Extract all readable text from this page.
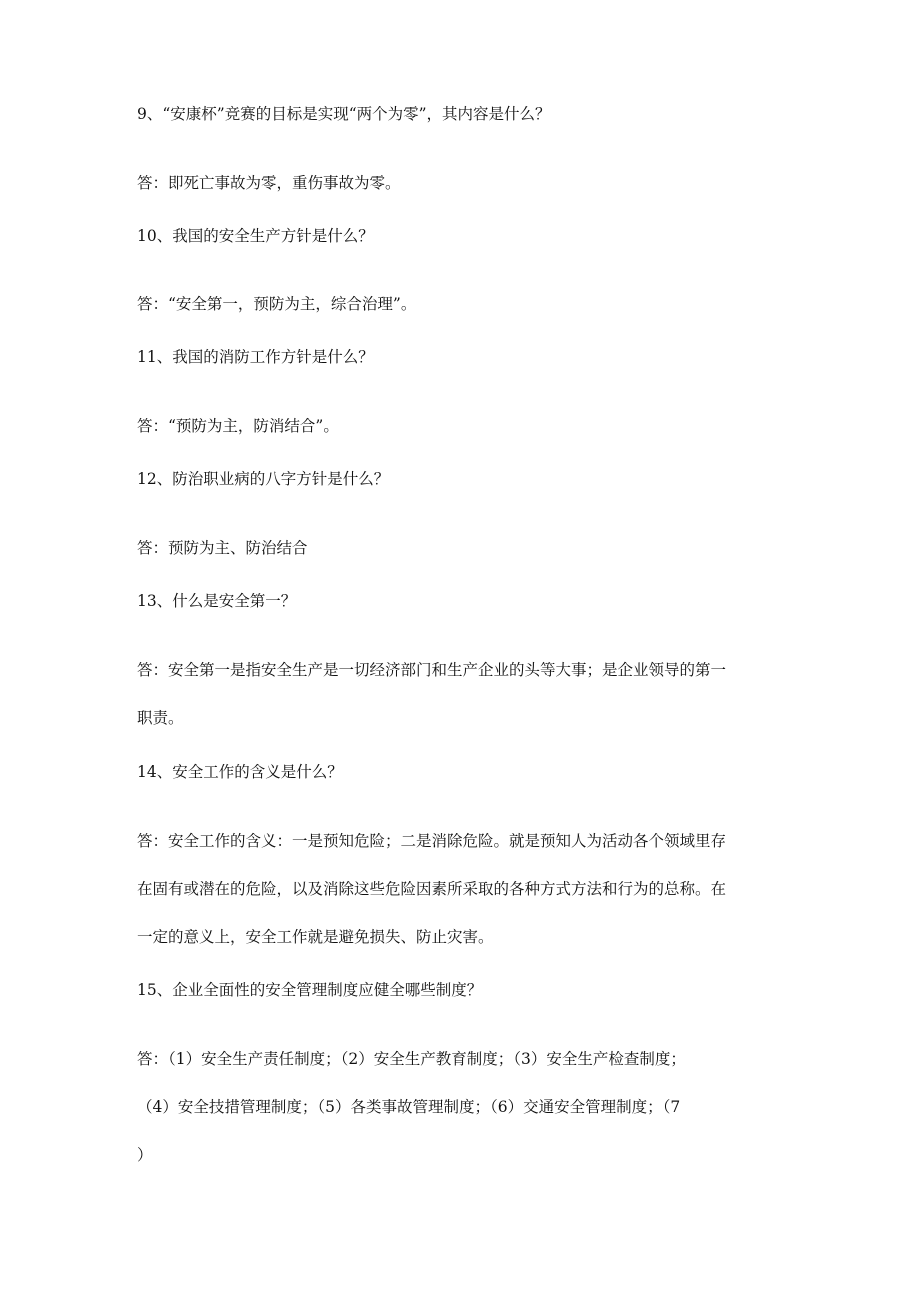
9、“安康杯”竞赛的目标是实现“两个为零”，其内容是什么？
答：即死亡事故为零，重伤事故为零。
10、我国的安全生产方针是什么？
答：“安全第一，预防为主，综合治理”。
11、我国的消防工作方针是什么？
答：“预防为主，防消结合”。
12、防治职业病的八字方针是什么？
答：预防为主、防治结合
13、什么是安全第一？
答：安全第一是指安全生产是一切经济部门和生产企业的头等大事；是企业领导的第一
职责。
14、安全工作的含义是什么？
答：安全工作的含义：一是预知危险；二是消除危险。就是预知人为活动各个领域里存
在固有或潜在的危险，以及消除这些危险因素所采取的各种方式方法和行为的总称。在
一定的意义上，安全工作就是避免损失、防止灾害。
15、企业全面性的安全管理制度应健全哪些制度？
答：（1）安全生产责任制度；（2）安全生产教育制度；（3）安全生产检查制度；
（4）安全技措管理制度；（5）各类事故管理制度；（6）交通安全管理制度；（7
）
